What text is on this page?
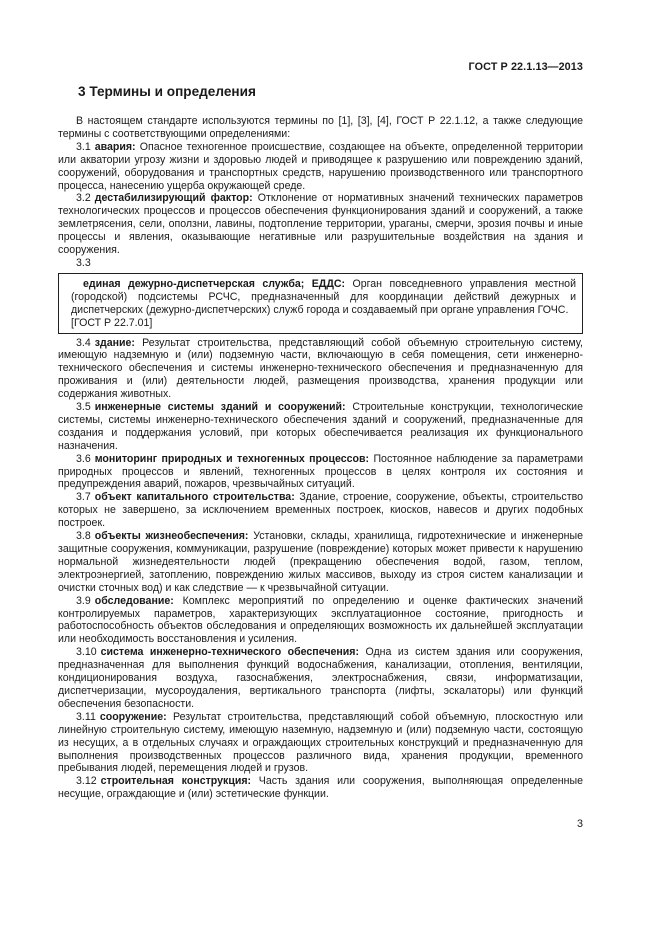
ГОСТ Р 22.1.13—2013
3 Термины и определения

В настоящем стандарте используются термины по [1], [3], [4], ГОСТ Р 22.1.12, а также следующие термины с соответствующими определениями:

3.1 авария: Опасное техногенное происшествие, создающее на объекте, определенной территории или акватории угрозу жизни и здоровью людей и приводящее к разрушению или повреждению зданий, сооружений, оборудования и транспортных средств, нарушению производственного или транспортного процесса, нанесению ущерба окружающей среде.

3.2 дестабилизирующий фактор: Отклонение от нормативных значений технических параметров технологических процессов и процессов обеспечения функционирования зданий и сооружений, а также землетрясения, сели, оползни, лавины, подтопление территории, ураганы, смерчи, эрозия почвы и иные процессы и явления, оказывающие негативные или разрушительные воздействия на здания и сооружения.

3.3

единая дежурно-диспетчерская служба; ЕДДС: Орган повседневного управления местной (городской) подсистемы РСЧС, предназначенный для координации действий дежурных и диспетчерских (дежурно-диспетчерских) служб города и создаваемый при органе управления ГОЧС.

[ГОСТ Р 22.7.01]

3.4 здание: Результат строительства, представляющий собой объемную строительную систему, имеющую надземную и (или) подземную части, включающую в себя помещения, сети инженерно-технического обеспечения и системы инженерно-технического обеспечения и предназначенную для проживания и (или) деятельности людей, размещения производства, хранения продукции или содержания животных.

3.5 инженерные системы зданий и сооружений: Строительные конструкции, технологические системы, системы инженерно-технического обеспечения зданий и сооружений, предназначенные для создания и поддержания условий, при которых обеспечивается реализация их функционального назначения.

3.6 мониторинг природных и техногенных процессов: Постоянное наблюдение за параметрами природных процессов и явлений, техногенных процессов в целях контроля их состояния и предупреждения аварий, пожаров, чрезвычайных ситуаций.

3.7 объект капитального строительства: Здание, строение, сооружение, объекты, строительство которых не завершено, за исключением временных построек, киосков, навесов и других подобных построек.

3.8 объекты жизнеобеспечения: Установки, склады, хранилища, гидротехнические и инженерные защитные сооружения, коммуникации, разрушение (повреждение) которых может привести к нарушению нормальной жизнедеятельности людей (прекращению обеспечения водой, газом, теплом, электроэнергией, затоплению, повреждению жилых массивов, выходу из строя систем канализации и очистки сточных вод) и как следствие — к чрезвычайной ситуации.

3.9 обследование: Комплекс мероприятий по определению и оценке фактических значений контролируемых параметров, характеризующих эксплуатационное состояние, пригодность и работоспособность объектов обследования и определяющих возможность их дальнейшей эксплуатации или необходимость восстановления и усиления.

3.10 система инженерно-технического обеспечения: Одна из систем здания или сооружения, предназначенная для выполнения функций водоснабжения, канализации, отопления, вентиляции, кондиционирования воздуха, газоснабжения, электроснабжения, связи, информатизации, диспетчеризации, мусороудаления, вертикального транспорта (лифты, эскалаторы) или функций обеспечения безопасности.

3.11 сооружение: Результат строительства, представляющий собой объемную, плоскостную или линейную строительную систему, имеющую наземную, надземную и (или) подземную части, состоящую из несущих, а в отдельных случаях и ограждающих строительных конструкций и предназначенную для выполнения производственных процессов различного вида, хранения продукции, временного пребывания людей, перемещения людей и грузов.

3.12 строительная конструкция: Часть здания или сооружения, выполняющая определенные несущие, ограждающие и (или) эстетические функции.

3
